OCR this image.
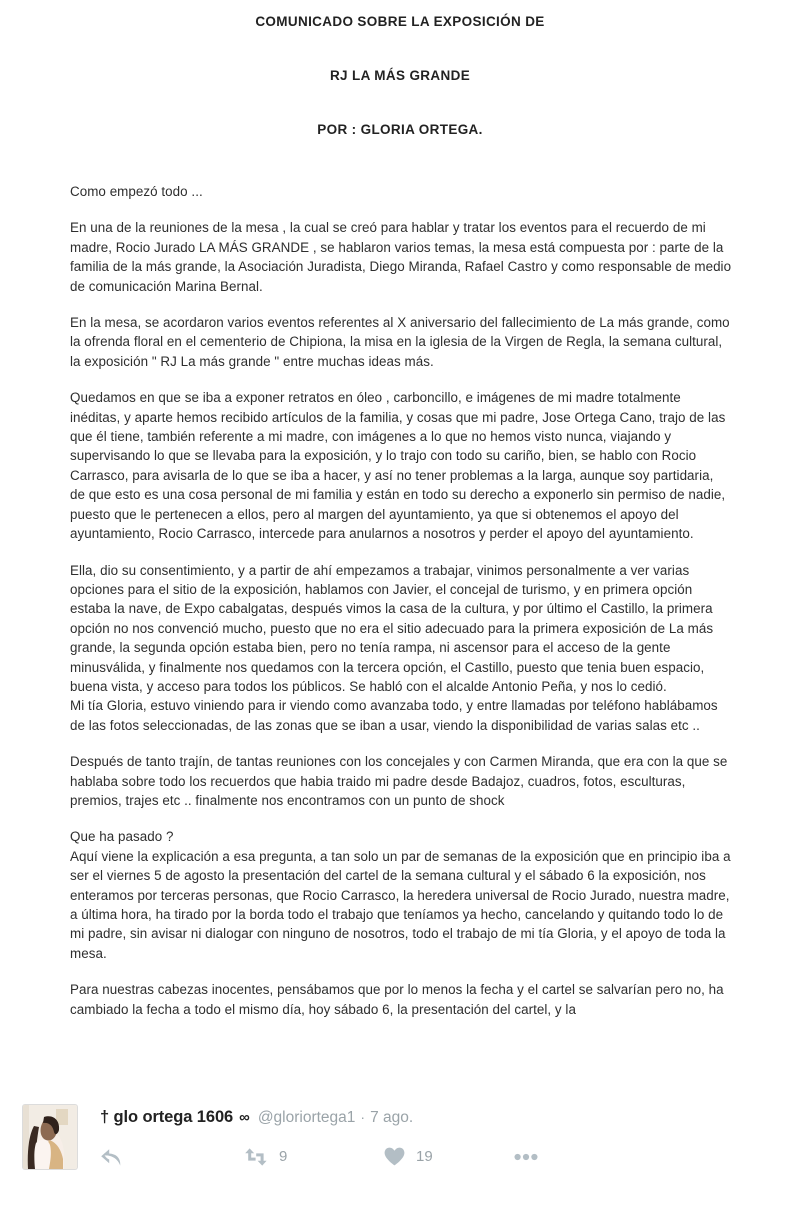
COMUNICADO SOBRE LA EXPOSICIÓN DE

RJ LA MÁS GRANDE

POR : GLORIA ORTEGA.

Como empezó todo ...

En una de la reuniones de la mesa , la cual se creó para hablar y tratar los eventos para el recuerdo de mi madre, Rocio Jurado LA MÁS GRANDE , se hablaron varios temas, la mesa está compuesta por : parte de la familia de la más grande, la Asociación Juradista, Diego Miranda, Rafael Castro y como responsable de medio de comunicación Marina Bernal.

En la mesa, se acordaron varios eventos referentes al X aniversario del fallecimiento de La más grande, como la ofrenda floral en el cementerio de Chipiona, la misa en la iglesia de la Virgen de Regla, la semana cultural, la exposición " RJ La más grande " entre muchas ideas más.

Quedamos en que se iba a exponer retratos en óleo , carboncillo, e imágenes de mi madre totalmente inéditas, y aparte hemos recibido artículos de la familia, y cosas que mi padre, Jose Ortega Cano, trajo de las que él tiene, también referente a mi madre, con imágenes a lo que no hemos visto nunca, viajando y supervisando lo que se llevaba para la exposición, y lo trajo con todo su cariño, bien, se hablo con Rocio Carrasco, para avisarla de lo que se iba a hacer, y así no tener problemas a la larga, aunque soy partidaria, de que esto es una cosa personal de mi familia y están en todo su derecho a exponerlo sin permiso de nadie, puesto que le pertenecen a ellos, pero al margen del ayuntamiento, ya que si obtenemos el apoyo del ayuntamiento, Rocio Carrasco, intercede para anularnos a nosotros y perder el apoyo del ayuntamiento.

Ella, dio su consentimiento, y a partir de ahí empezamos a trabajar, vinimos personalmente a ver varias opciones para el sitio de la exposición, hablamos con Javier, el concejal de turismo, y en primera opción estaba la nave, de Expo cabalgatas, después vimos la casa de la cultura, y por último el Castillo, la primera opción no nos convenció mucho, puesto que no era el sitio adecuado para la primera exposición de La más grande, la segunda opción estaba bien, pero no tenía rampa, ni ascensor para el acceso de la gente minusválida, y finalmente nos quedamos con la tercera opción, el Castillo, puesto que tenia buen espacio, buena vista, y acceso para todos los públicos. Se habló con el alcalde Antonio Peña, y nos lo cedió.

Mi tía Gloria, estuvo viniendo para ir viendo como avanzaba todo, y entre llamadas por teléfono hablábamos de las fotos seleccionadas, de las zonas que se iban a usar, viendo la disponibilidad de varias salas etc ..

Después de tanto trajín, de tantas reuniones con los concejales y con Carmen Miranda, que era con la que se hablaba sobre todo los recuerdos que habia traido mi padre desde Badajoz, cuadros, fotos, esculturas, premios, trajes etc .. finalmente nos encontramos con un punto de shock

Que ha pasado ?

Aquí viene la explicación a esa pregunta, a tan solo un par de semanas de la exposición que en principio iba a ser el viernes 5 de agosto la presentación del cartel de la semana cultural y el sábado 6 la exposición, nos enteramos por terceras personas, que Rocio Carrasco, la heredera universal de Rocio Jurado, nuestra madre, a última hora, ha tirado por la borda todo el trabajo que teníamos ya hecho, cancelando y quitando todo lo de mi padre, sin avisar ni dialogar con ninguno de nosotros, todo el trabajo de mi tía Gloria, y el apoyo de toda la mesa.

Para nuestras cabezas inocentes, pensábamos que por lo menos la fecha y el cartel se salvarían pero no, ha cambiado la fecha a todo el mismo día, hoy sábado 6, la presentación del cartel, y la

† glo ortega 1606 ∞ @gloriortega1 · 7 ago.
9	19
